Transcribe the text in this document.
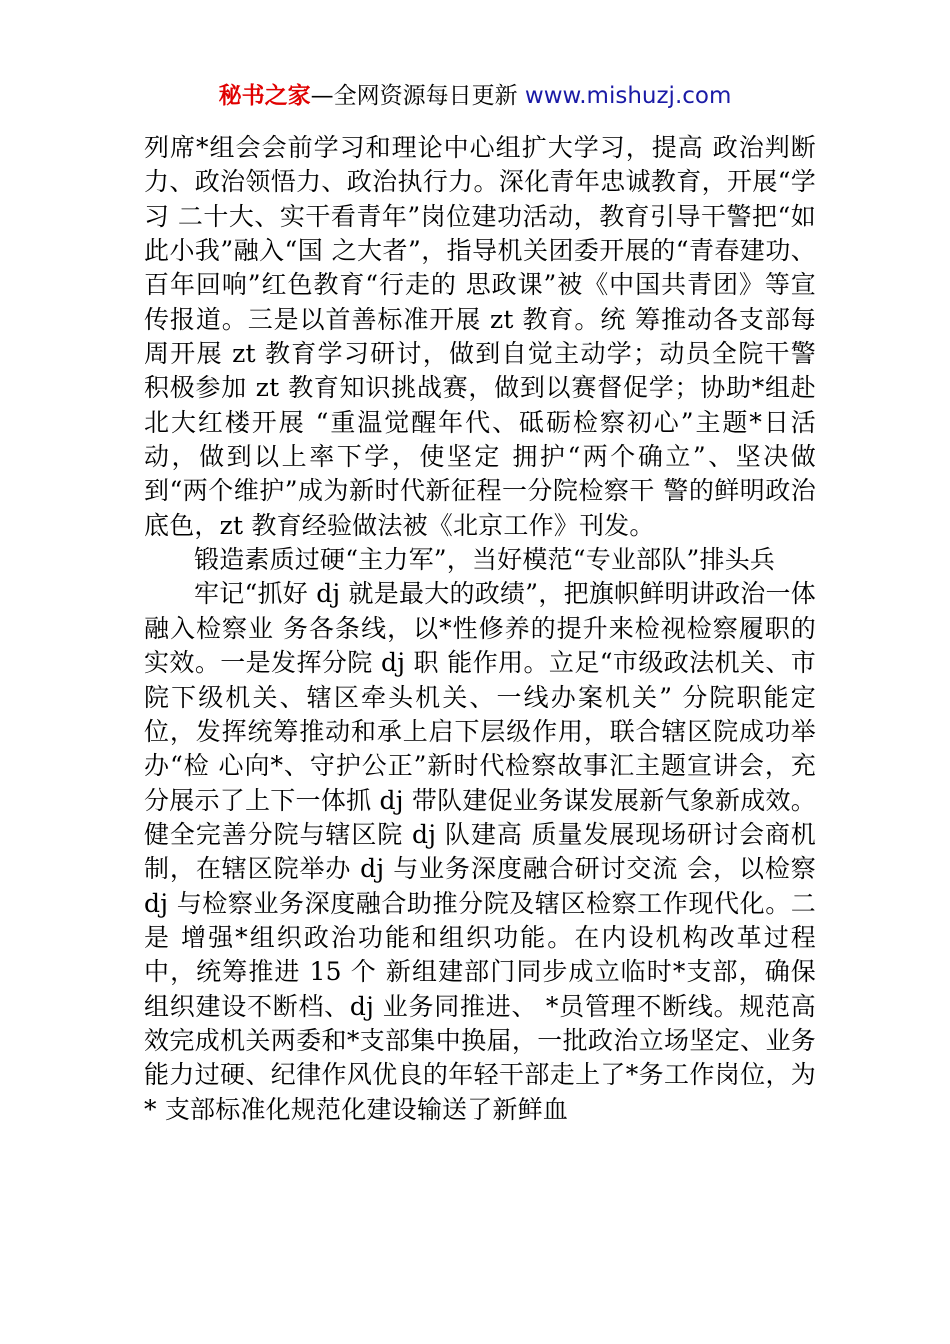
秘书之家—全网资源每日更新 www.mishuzj.com

列席*组会会前学习和理论中心组扩大学习，提高 政治判断力、政治领悟力、政治执行力。深化青年忠诚教育，开展“学习 二十大、实干看青年”岗位建功活动，教育引导干警把“如此小我”融入“国 之大者”，指导机关团委开展的“青春建功、百年回响”红色教育“行走的 思政课”被《中国共青团》等宣传报道。三是以首善标准开展 zt 教育。统 筹推动各支部每周开展 zt 教育学习研讨，做到自觉主动学；动员全院干警 积极参加 zt 教育知识挑战赛，做到以赛督促学；协助*组赴北大红楼开展 “重温觉醒年代、砥砺检察初心”主题*日活动，做到以上率下学，使坚定 拥护“两个确立”、坚决做到“两个维护”成为新时代新征程一分院检察干 警的鲜明政治底色，zt 教育经验做法被《北京工作》刊发。

锻造素质过硬“主力军”，当好模范“专业部队”排头兵

牢记“抓好 dj 就是最大的政绩”，把旗帜鲜明讲政治一体融入检察业 务各条线，以*性修养的提升来检视检察履职的实效。一是发挥分院 dj 职 能作用。立足“市级政法机关、市院下级机关、辖区牵头机关、一线办案机关” 分院职能定位，发挥统筹推动和承上启下层级作用，联合辖区院成功举办“检 心向*、守护公正”新时代检察故事汇主题宣讲会，充分展示了上下一体抓 dj 带队建促业务谋发展新气象新成效。健全完善分院与辖区院 dj 队建高 质量发展现场研讨会商机制，在辖区院举办 dj 与业务深度融合研讨交流 会，以检察 dj 与检察业务深度融合助推分院及辖区检察工作现代化。二是 增强*组织政治功能和组织功能。在内设机构改革过程中，统筹推进 15 个 新组建部门同步成立临时*支部，确保组织建设不断档、dj 业务同推进、 *员管理不断线。规范高效完成机关两委和*支部集中换届，一批政治立场坚定、业务能力过硬、纪律作风优良的年轻干部走上了*务工作岗位，为* 支部标准化规范化建设输送了新鲜血
